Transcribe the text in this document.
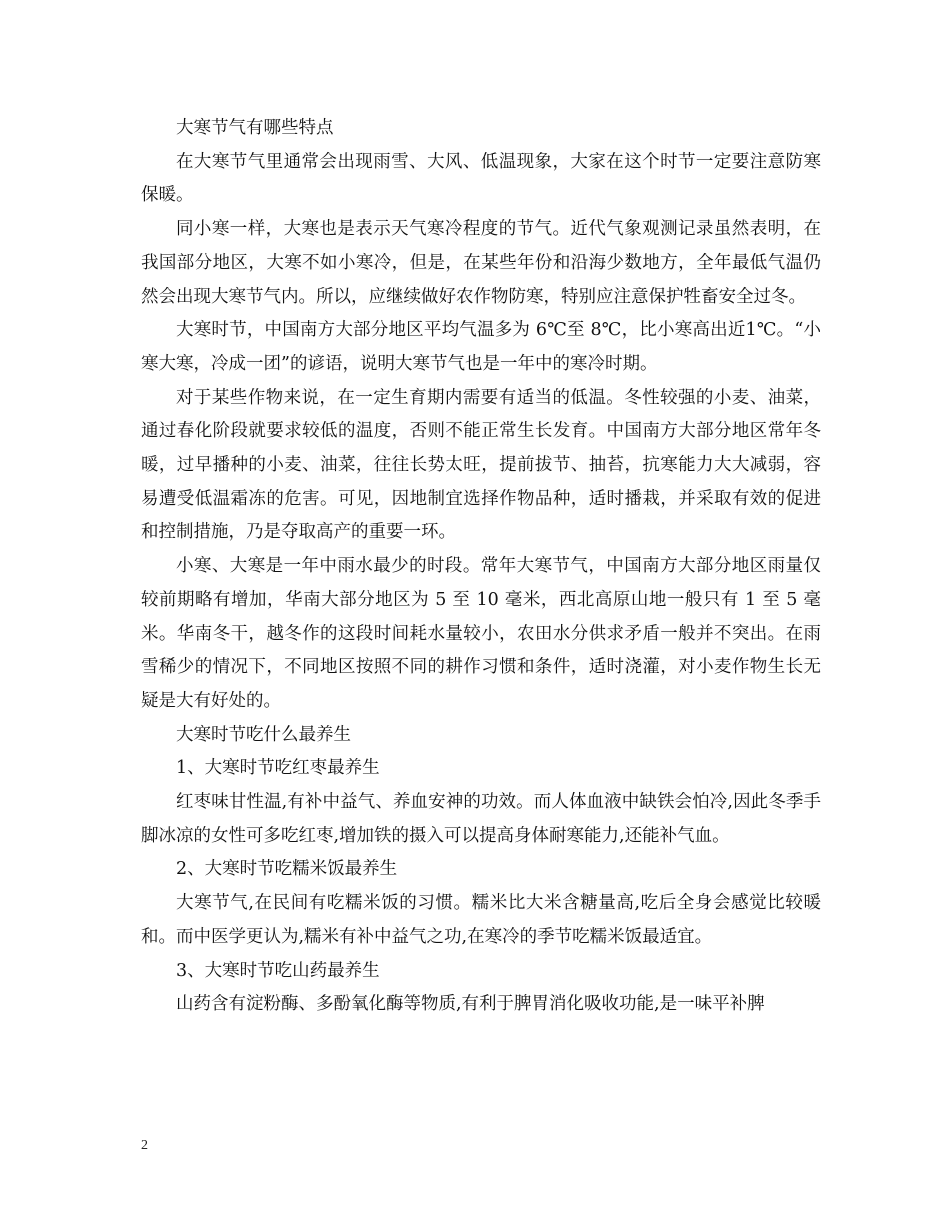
大寒节气有哪些特点

在大寒节气里通常会出现雨雪、大风、低温现象，大家在这个时节一定要注意防寒保暖。

同小寒一样，大寒也是表示天气寒冷程度的节气。近代气象观测记录虽然表明，在我国部分地区，大寒不如小寒冷，但是，在某些年份和沿海少数地方，全年最低气温仍然会出现大寒节气内。所以，应继续做好农作物防寒，特别应注意保护牲畜安全过冬。

大寒时节，中国南方大部分地区平均气温多为 6℃至 8℃，比小寒高出近1℃。“小寒大寒，冷成一团”的谚语，说明大寒节气也是一年中的寒冷时期。

对于某些作物来说，在一定生育期内需要有适当的低温。冬性较强的小麦、油菜，通过春化阶段就要求较低的温度，否则不能正常生长发育。中国南方大部分地区常年冬暖，过早播种的小麦、油菜，往往长势太旺，提前拔节、抽苔，抗寒能力大大减弱，容易遭受低温霜冻的危害。可见，因地制宜选择作物品种，适时播栽，并采取有效的促进和控制措施，乃是夺取高产的重要一环。

小寒、大寒是一年中雨水最少的时段。常年大寒节气，中国南方大部分地区雨量仅较前期略有增加，华南大部分地区为 5 至 10 毫米，西北高原山地一般只有 1 至 5 毫米。华南冬干，越冬作的这段时间耗水量较小，农田水分供求矛盾一般并不突出。在雨雪稀少的情况下，不同地区按照不同的耕作习惯和条件，适时浇灌，对小麦作物生长无疑是大有好处的。

大寒时节吃什么最养生

1、大寒时节吃红枣最养生

红枣味甘性温,有补中益气、养血安神的功效。而人体血液中缺铁会怕冷,因此冬季手脚冰凉的女性可多吃红枣,增加铁的摄入可以提高身体耐寒能力,还能补气血。

2、大寒时节吃糯米饭最养生

大寒节气,在民间有吃糯米饭的习惯。糯米比大米含糖量高,吃后全身会感觉比较暖和。而中医学更认为,糯米有补中益气之功,在寒冷的季节吃糯米饭最适宜。

3、大寒时节吃山药最养生

山药含有淀粉酶、多酚氧化酶等物质,有利于脾胃消化吸收功能,是一味平补脾

2
